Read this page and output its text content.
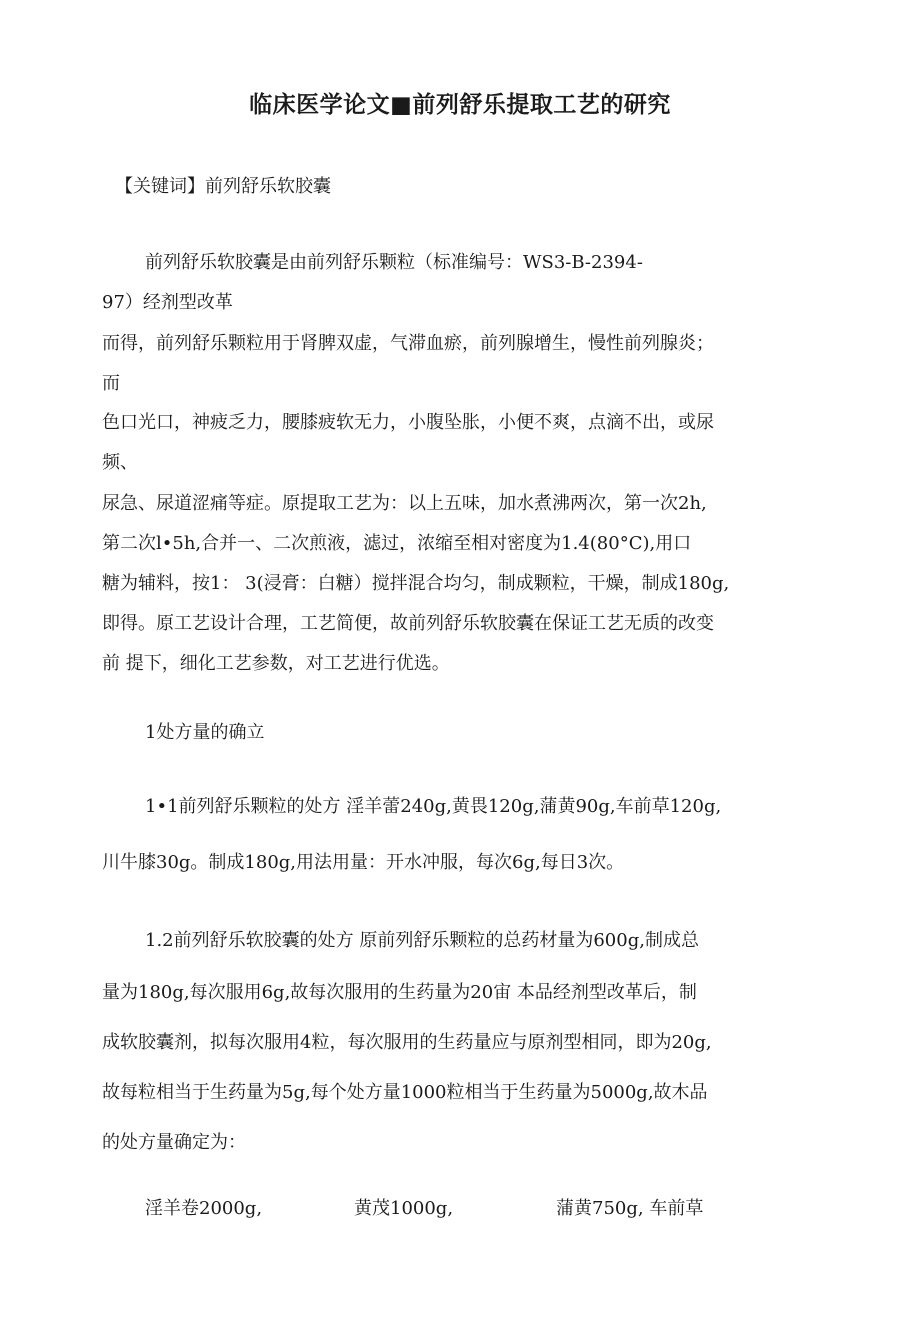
临床医学论文■前列舒乐提取工艺的研究
【关键词】前列舒乐软胶囊
前列舒乐软胶囊是由前列舒乐颗粒（标准编号：WS3-B-2394-
97）经剂型改革
而得，前列舒乐颗粒用于肾脾双虚，气滞血瘀，前列腺增生，慢性前列腺炎；
而
色口光口，神疲乏力，腰膝疲软无力，小腹坠胀，小便不爽，点滴不出，或尿
频、
尿急、尿道涩痛等症。原提取工艺为：以上五味，加水煮沸两次，第一次2h,
第二次l•5h,合并一、二次煎液，滤过，浓缩至相对密度为1.4(80°C),用口
糖为辅料，按1： 3(浸膏：白糖）搅拌混合均匀，制成颗粒，干燥，制成180g,
即得。原工艺设计合理，工艺简便，故前列舒乐软胶囊在保证工艺无质的改变
前 提下，细化工艺参数，对工艺进行优选。
1处方量的确立
1•1前列舒乐颗粒的处方 淫羊蕾240g,黄畏120g,蒲黄90g,车前草120g,
川牛膝30g。制成180g,用法用量：开水冲服，每次6g,每日3次。
1.2前列舒乐软胶囊的处方 原前列舒乐颗粒的总药材量为600g,制成总
量为180g,每次服用6g,故每次服用的生药量为20宙 本品经剂型改革后，制
成软胶囊剂，拟每次服用4粒，每次服用的生药量应与原剂型相同，即为20g,
故每粒相当于生药量为5g,每个处方量1000粒相当于生药量为5000g,故木品
的处方量确定为：
淫羊卷2000g,	黄茂1000g,	蒲黄750g, 车前草
